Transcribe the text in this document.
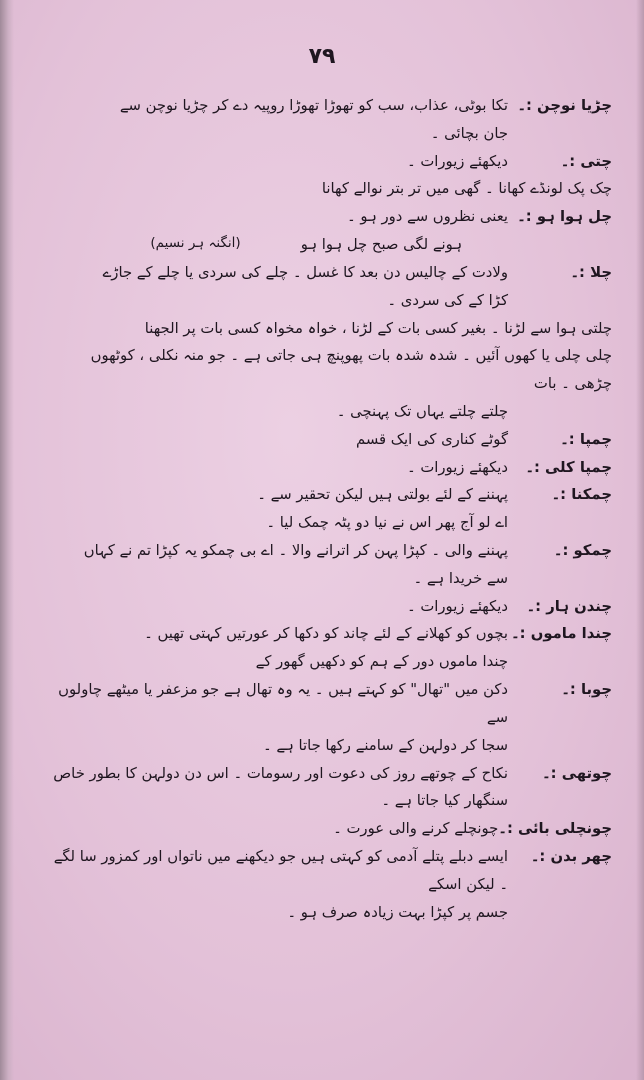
۷۹
چڑیا نوچن :۔
تکا بوٹی، عذاب، سب کو تھوڑا تھوڑا روپیہ دے کر چڑیا نوچن سے
جان بچائی ۔
چتی :۔
دیکھئے زیورات ۔
چک پک لونڈے کھانا ۔ گھی میں تر بتر نوالے کھانا
چل ہوا ہو :۔
یعنی نظروں سے دور ہو ۔
ہونے لگی صبح چل ہوا ہو
(انگنہ ہر نسیم)
چلا :۔
ولادت کے چالیس دن بعد کا غسل ۔ چلے کی سردی یا چلے کے جاڑے
کڑا کے کی سردی ۔
چلتی ہوا سے لڑنا ۔ بغیر کسی بات کے لڑنا ، خواہ مخواہ کسی بات پر الجھنا
چلی چلی یا کھوں آئیں ۔ شدہ شدہ بات پھوپنچ ہی جاتی ہے ۔ جو منہ نکلی ، کوٹھوں چڑھی ۔ بات
چلتے چلتے یہاں تک پہنچی ۔
چمپا :۔
گوٹے کناری کی ایک قسم
چمپا کلی :۔
دیکھئے زیورات ۔
چمکنا :۔
پہننے کے لئے بولتی ہیں لیکن تحقیر سے ۔
اے لو آج پھر اس نے نیا دو پٹہ چمک لیا ۔
چمکو :۔
پہننے والی ۔ کپڑا پہن کر اترانے والا ۔ اے بی چمکو یہ کپڑا تم نے کہاں
سے خریدا ہے ۔
چندن ہار :۔
دیکھئے زیورات ۔
چندا ماموں :۔
بچوں کو کھلانے کے لئے چاند کو دکھا کر عورتیں کہتی تھیں ۔
چندا ماموں دور کے ہم کو دکھیں گھور کے
چوبا :۔
دکن میں "تھال" کو کہتے ہیں ۔ یہ وہ تھال ہے جو مزعفر یا میٹھے چاولوں سے
سجا کر دولہن کے سامنے رکھا جاتا ہے ۔
چوتھی :۔
نکاح کے چوتھے روز کی دعوت اور رسومات ۔ اس دن دولہن کا بطور خاص
سنگھار کیا جاتا ہے ۔
چونچلی بائی :۔
چونچلے کرنے والی عورت ۔
چھر بدن :۔
ایسے دبلے پتلے آدمی کو کہتی ہیں جو دیکھنے میں ناتواں اور کمزور سا لگے ۔ لیکن اسکے
جسم پر کپڑا بہت زیادہ صرف ہو ۔
